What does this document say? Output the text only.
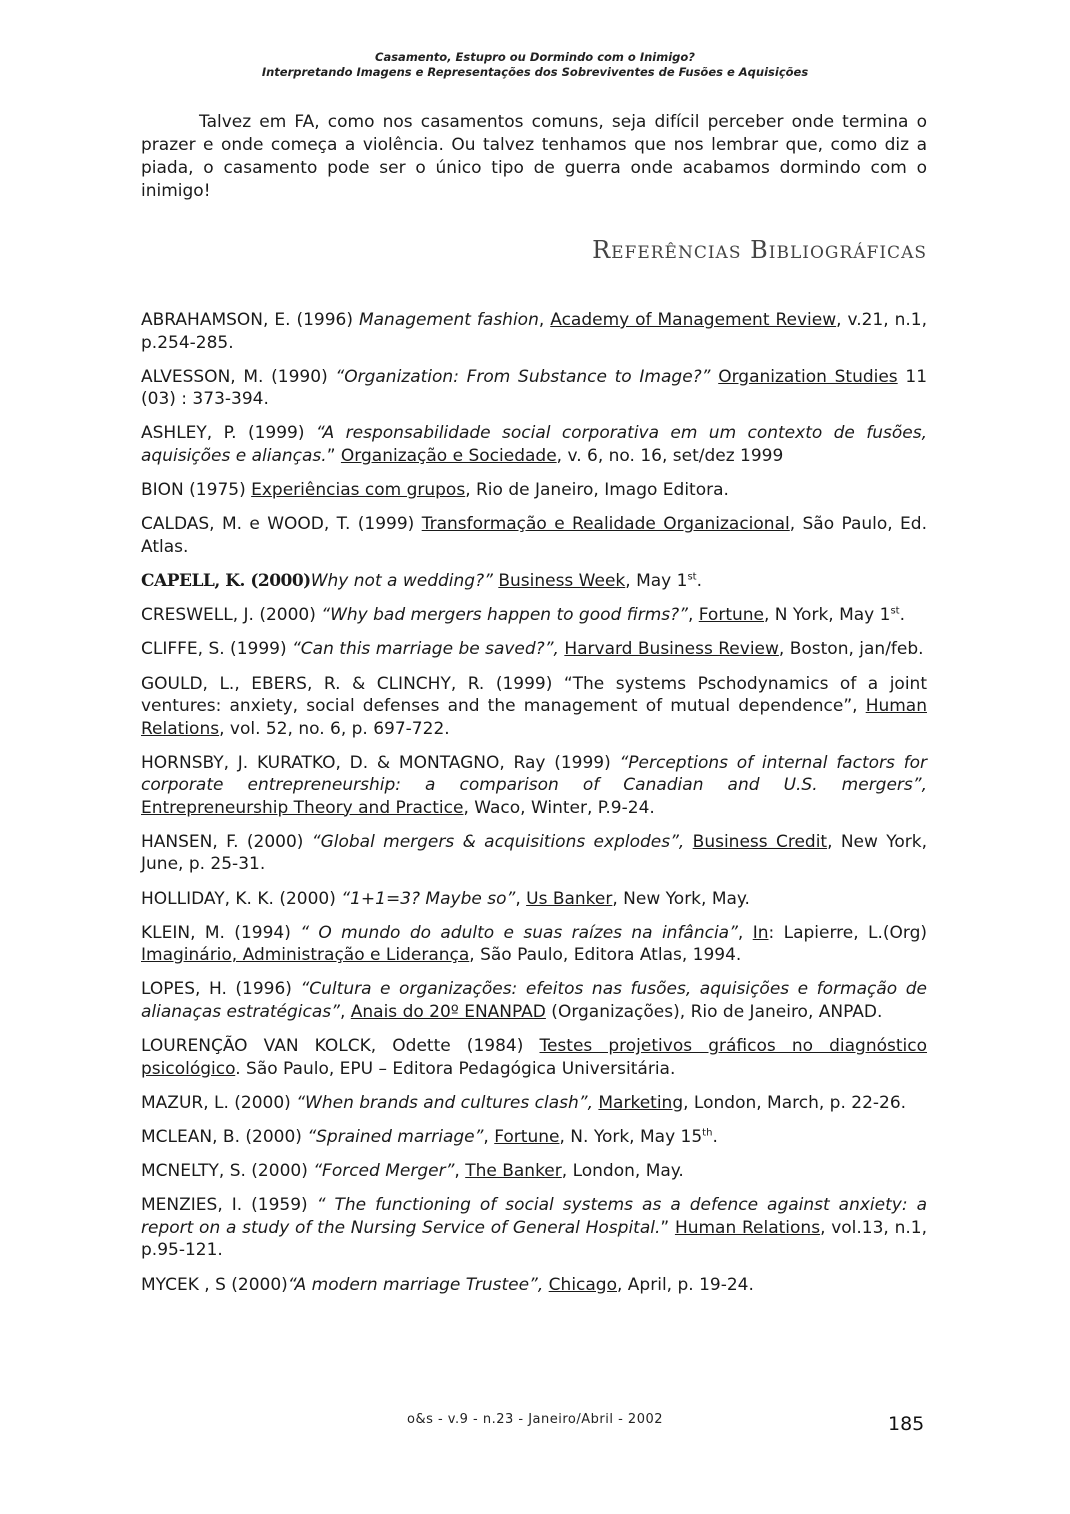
Casamento, Estupro ou Dormindo com o Inimigo?
Interpretando Imagens e Representações dos Sobreviventes de Fusões e Aquisições
Talvez em FA, como nos casamentos comuns, seja difícil perceber onde termina o prazer e onde começa a violência. Ou talvez tenhamos que nos lembrar que, como diz a piada, o casamento pode ser o único tipo de guerra onde acabamos dormindo com o inimigo!
Referências Bibliográficas

ABRAHAMSON, E. (1996) Management fashion, Academy of Management Review, v.21, n.1, p.254-285.

ALVESSON, M. (1990) “Organization: From Substance to Image?” Organization Studies 11 (03) : 373-394.

ASHLEY, P. (1999) “A responsabilidade social corporativa em um contexto de fusões, aquisições e alianças.” Organização e Sociedade, v. 6, no. 16, set/dez 1999

BION (1975) Experiências com grupos, Rio de Janeiro, Imago Editora.

CALDAS, M. e WOOD, T. (1999) Transformação e Realidade Organizacional, São Paulo, Ed. Atlas.

CAPELL, K. (2000)Why not a wedding?” Business Week, May 1st.

CRESWELL, J. (2000) “Why bad mergers happen to good firms?”, Fortune, N York, May 1st.

CLIFFE, S. (1999) “Can this marriage be saved?”, Harvard Business Review, Boston, jan/feb.

GOULD, L., EBERS, R. & CLINCHY, R. (1999) “The systems Pschodynamics of a joint ventures: anxiety, social defenses and the management of mutual dependence”, Human Relations, vol. 52, no. 6, p. 697-722.

HORNSBY, J. KURATKO, D. & MONTAGNO, Ray (1999) “Perceptions of internal factors for corporate entrepreneurship: a comparison of Canadian and U.S. mergers”, Entrepreneurship Theory and Practice, Waco, Winter, P.9-24.

HANSEN, F. (2000) “Global mergers & acquisitions explodes”, Business Credit, New York, June, p. 25-31.

HOLLIDAY, K. K. (2000) “1+1=3? Maybe so”, Us Banker, New York, May.

KLEIN, M. (1994) “ O mundo do adulto e suas raízes na infância”, In: Lapierre, L.(Org) Imaginário, Administração e Liderança, São Paulo, Editora Atlas, 1994.

LOPES, H. (1996) “Cultura e organizações: efeitos nas fusões, aquisições e formação de alianaças estratégicas”, Anais do 20º ENANPAD (Organizações), Rio de Janeiro, ANPAD.

LOURENÇÃO VAN KOLCK, Odette (1984) Testes projetivos gráficos no diagnóstico psicológico. São Paulo, EPU – Editora Pedagógica Universitária.

MAZUR, L. (2000) “When brands and cultures clash”, Marketing, London, March, p. 22-26.

MCLEAN, B. (2000) “Sprained marriage”, Fortune, N. York, May 15th.

MCNELTY, S. (2000) “Forced Merger”, The Banker, London, May.

MENZIES, I. (1959) “ The functioning of social systems as a defence against anxiety: a report on a study of the Nursing Service of General Hospital.” Human Relations, vol.13, n.1, p.95-121.

MYCEK , S (2000)“A modern marriage Trustee”, Chicago, April, p. 19-24.

o&s - v.9 - n.23 - Janeiro/Abril - 2002	185
